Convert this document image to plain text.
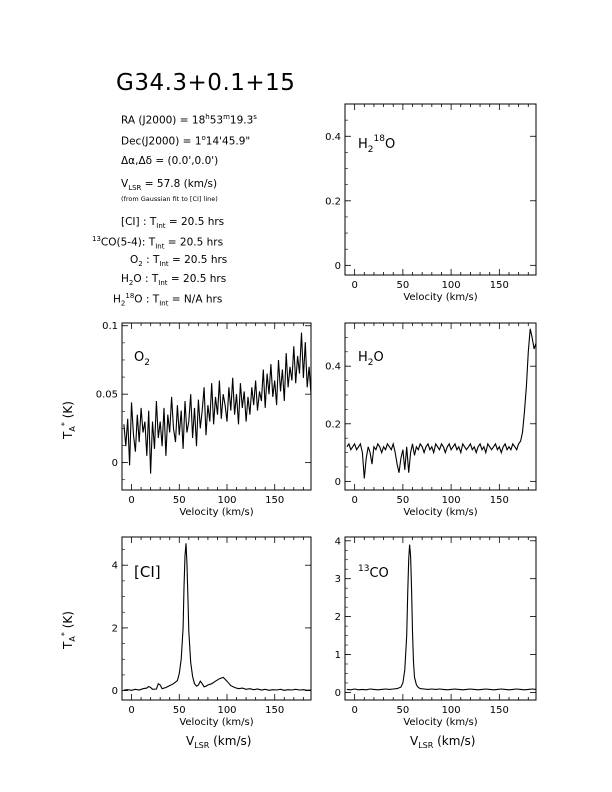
G34.3+0.1+15
RA $(J2000) = 18^h53^m19.3^s$
$Dec(J2000) = 1^o14'45.9$"
Δα,Δδ = (0.0',0.0')
$V_{LSR} = 57.8$ (km/s)
(from Gaussian fit to [CI] line)
[CI] : $T_{Int} = 20.5$ hrs
$^{13}$CO(5-4): $T_{Int} = 20.5$ hrs
$O_2$ : $T_{Int} = 20.5$ hrs
$H_2O$ : $T_{Int} = 20.5$ hrs
$H_2^{18}O$ : $T_{Int} = N/A$ hrs
0	50	100	150
0
0.2
0.4
Velocity (km/s)
0	50	100	150
0
0.05
0.1
Velocity (km/s)
0	50	100	150
0
0.2
0.4
Velocity (km/s)
0	50	100	150
0
2
4
Velocity (km/s)
0	50	100	150
0
1
2
3
4
Velocity (km/s)
$V_{LSR}$ (km/s)	$V_{LSR}$ (km/s)
$T_A^*$ (K)
$T_A^*$ (K)
$H_2^{18}O$
$O_2$	$H_2O$
[CI]	$^{13}$CO
